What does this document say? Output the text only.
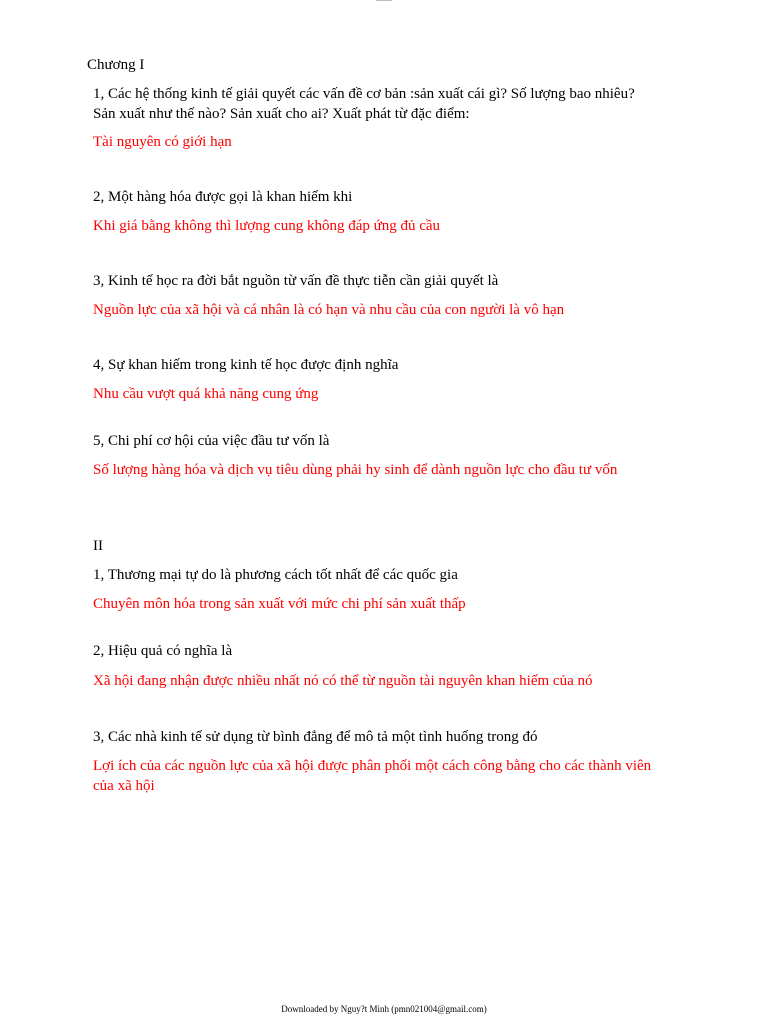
Chương I
1, Các hệ thống kinh tế giải quyết các vấn đề cơ bản :sản xuất cái gì? Số lượng bao nhiêu? Sản xuất như thế nào? Sản xuất cho ai? Xuất phát từ đặc điểm:
Tài nguyên có giới hạn
2, Một hàng hóa được gọi là khan hiếm khi
Khi giá bằng không thì lượng cung không đáp ứng đủ cầu
3, Kinh tế học ra đời bắt nguồn từ vấn đề thực tiễn cần giải quyết là
Nguồn lực của xã hội và cá nhân là có hạn và nhu cầu của con người là vô hạn
4, Sự khan hiếm trong kinh tế học được định nghĩa
Nhu cầu vượt quá khả năng cung ứng
5, Chi phí cơ hội của việc đầu tư vốn là
Số lượng hàng hóa và dịch vụ tiêu dùng phải hy sinh để dành nguồn lực cho đầu tư vốn
II
1, Thương mại tự do là phương cách tốt nhất để các quốc gia
Chuyên môn hóa trong sản xuất với mức chi phí sản xuất thấp
2, Hiệu quả có nghĩa là
Xã hội đang nhận được nhiều nhất nó có thể từ nguồn tài nguyên khan hiếm của nó
3, Các nhà kinh tế sử dụng từ bình đẳng để mô tả một tình huống trong đó
Lợi ích của các nguồn lực của xã hội được phân phối một cách công bằng cho các thành viên của xã hội
Downloaded by Nguy?t Minh (pmn021004@gmail.com)
